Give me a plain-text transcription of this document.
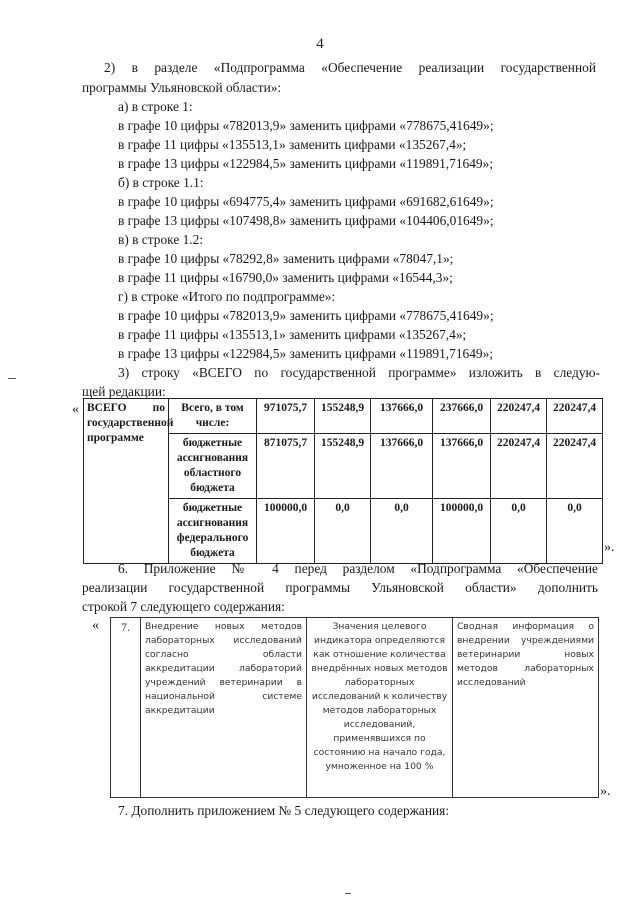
4
2) в разделе «Подпрограмма «Обеспечение реализации государственной
программы Ульяновской области»:
а) в строке 1:
в графе 10 цифры «782013,9» заменить цифрами «778675,41649»;
в графе 11 цифры «135513,1» заменить цифрами «135267,4»;
в графе 13 цифры «122984,5» заменить цифрами «119891,71649»;
б) в строке 1.1:
в графе 10 цифры «694775,4» заменить цифрами «691682,61649»;
в графе 13 цифры «107498,8» заменить цифрами «104406,01649»;
в) в строке 1.2:
в графе 10 цифры «78292,8» заменить цифрами «78047,1»;
в графе 11 цифры «16790,0» заменить цифрами «16544,3»;
г) в строке «Итого по подпрограмме»:
в графе 10 цифры «782013,9» заменить цифрами «778675,41649»;
в графе 11 цифры «135513,1» заменить цифрами «135267,4»;
в графе 13 цифры «122984,5» заменить цифрами «119891,71649»;
3) строку «ВСЕГО по государственной программе» изложить в следую-
щей редакции:
« ВСЕГО по государственной программе	Всего, в том числе:	971075,7	155248,9	137666,0	237666,0	220247,4	220247,4
	бюджетные ассигнования областного бюджета	871075,7	155248,9	137666,0	137666,0	220247,4	220247,4
	бюджетные ассигнования федерального бюджета	100000,0	0,0	0,0	100000,0	0,0	0,0
».
6. Приложение № 4 перед разделом «Подпрограмма «Обеспечение
реализации государственной программы Ульяновской области» дополнить
строкой 7 следующего содержания:
« 7.	Внедрение новых методов лабораторных исследований согласно области аккредитации лабораторий учреждений ветеринарии в национальной системе аккредитации	Значения целевого индикатора определяются как отношение количества внедрённых новых методов лабораторных исследований к количеству методов лабораторных исследований, применявшихся по состоянию на начало года, умноженное на 100 %	Сводная информация о внедрении учреждениями ветеринарии новых методов лабораторных исследований
».
7. Дополнить приложением № 5 следующего содержания:
